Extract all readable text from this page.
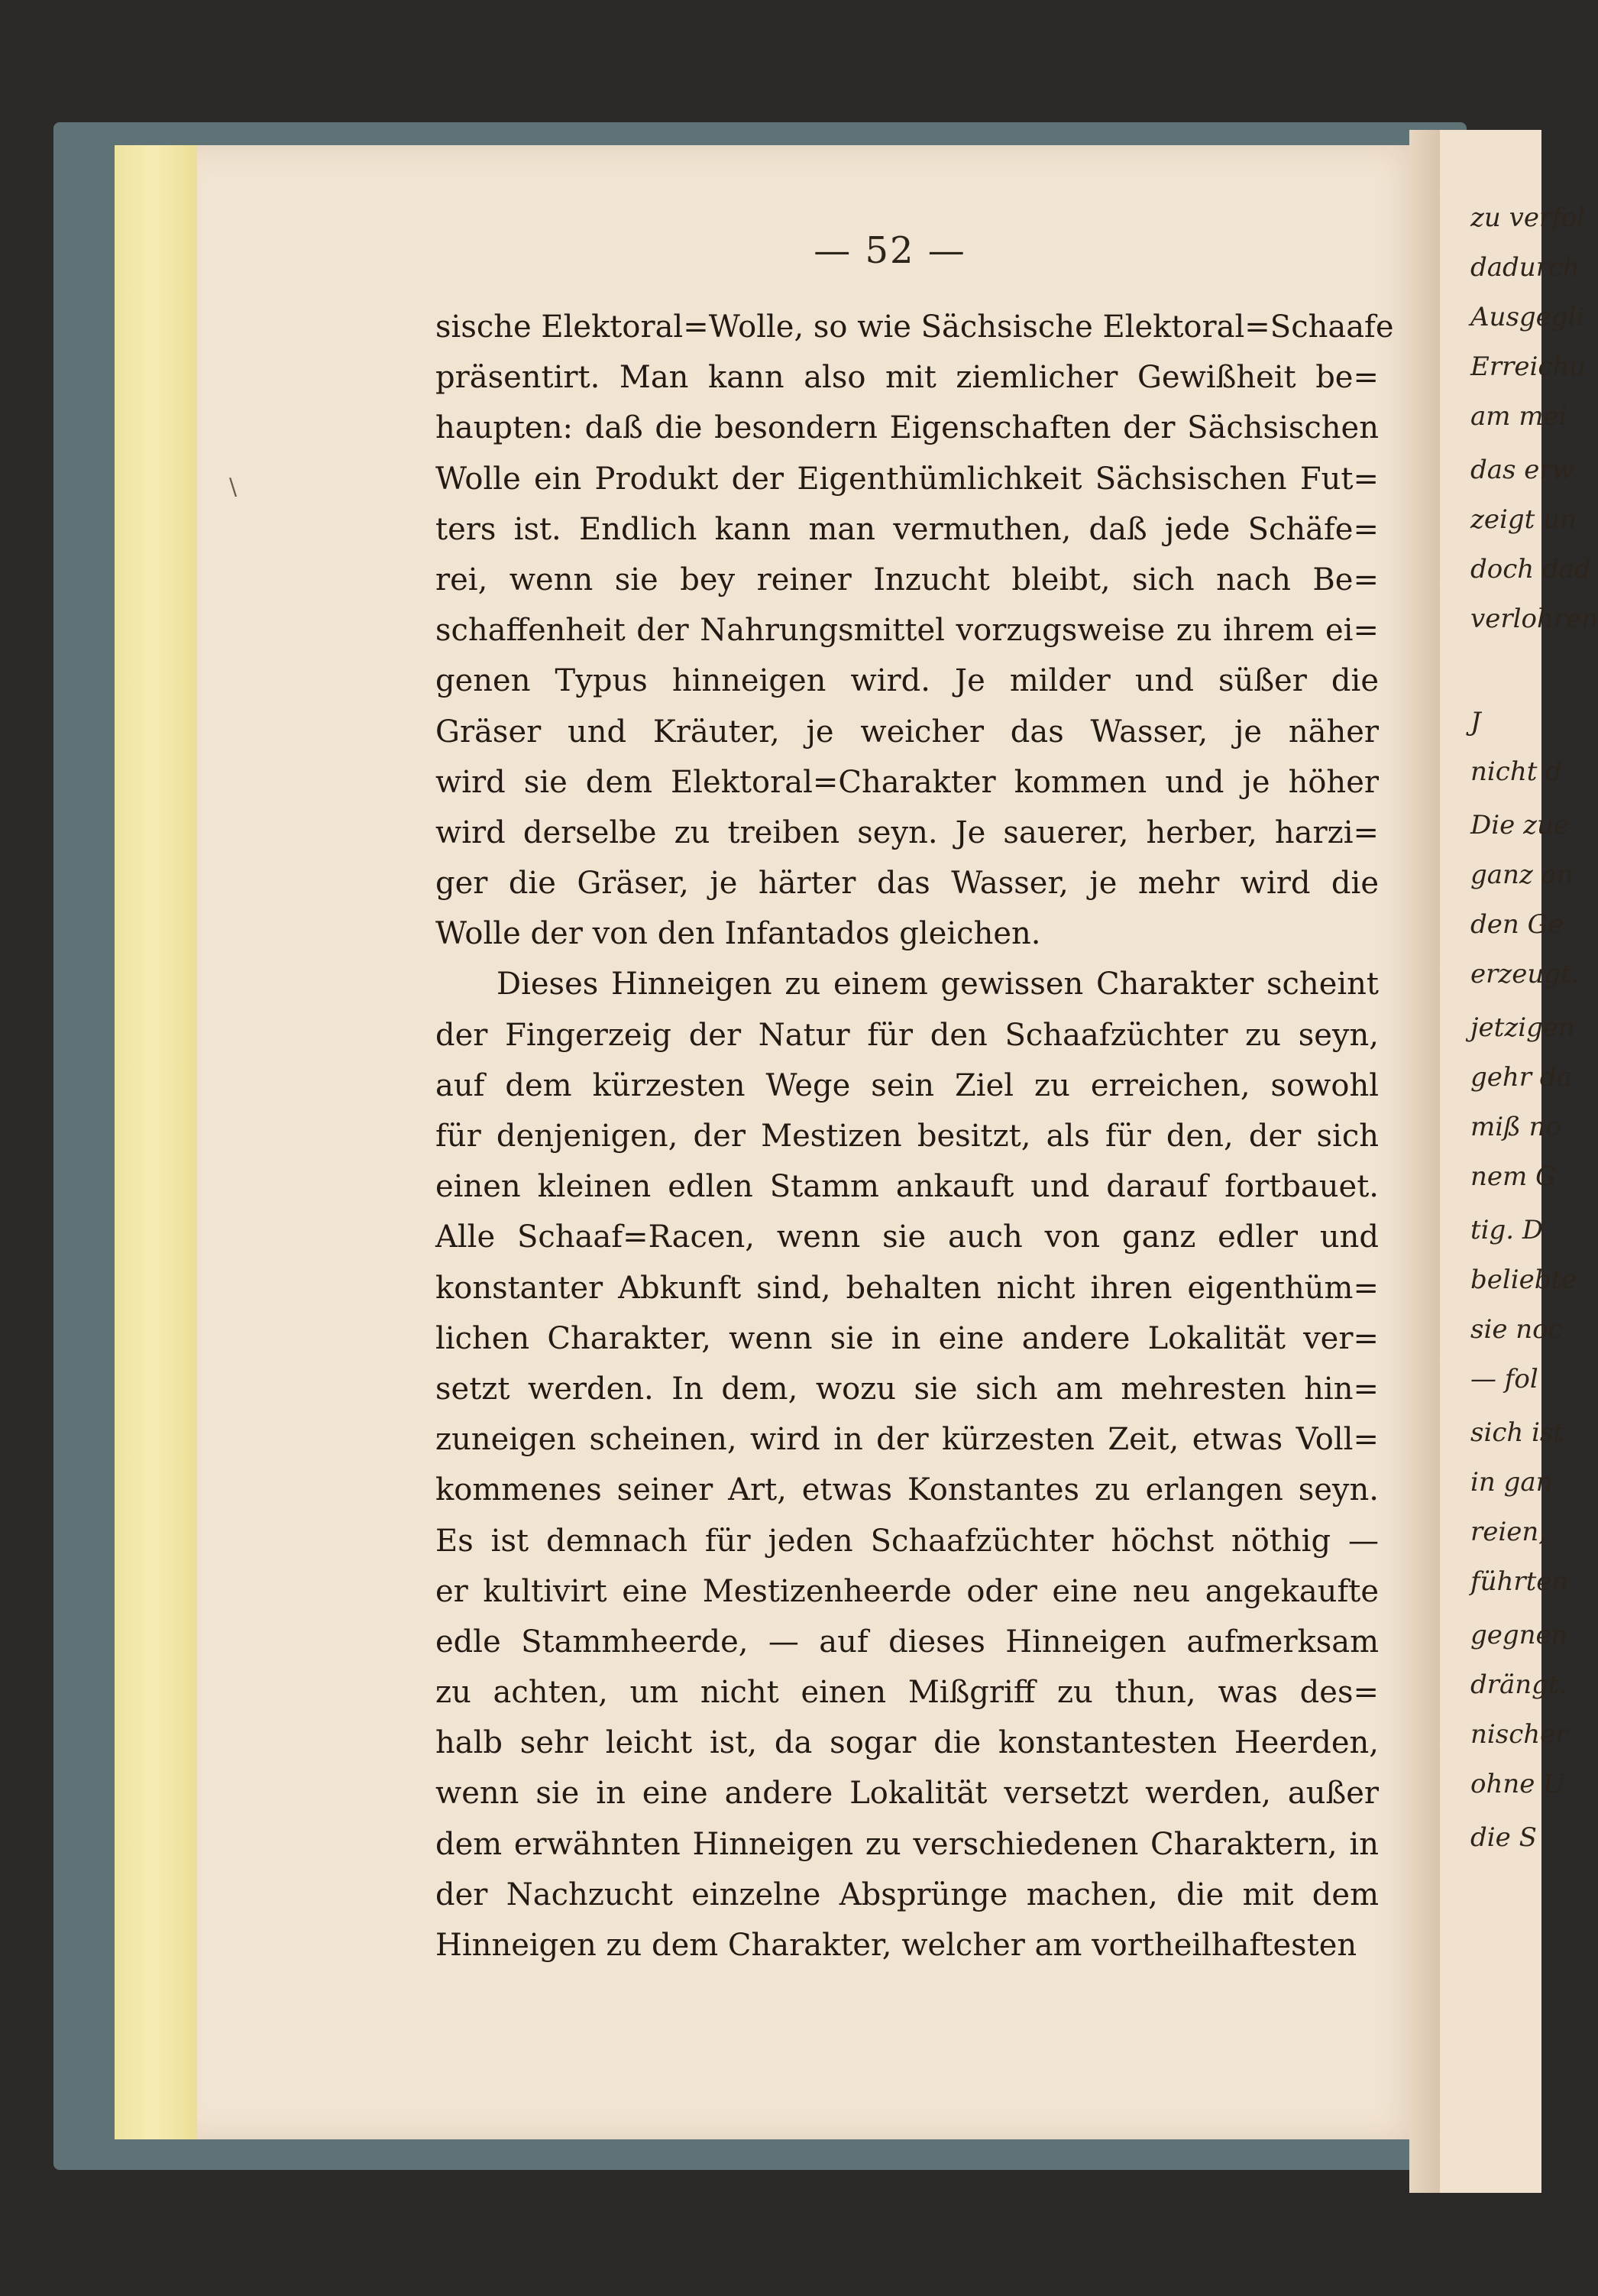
\
— 52 —
sische Elektoral=Wolle, so wie Sächsische Elektoral=Schaafe
präsentirt. Man kann also mit ziemlicher Gewißheit be=
haupten: daß die besondern Eigenschaften der Sächsischen
Wolle ein Produkt der Eigenthümlichkeit Sächsischen Fut=
ters ist. Endlich kann man vermuthen, daß jede Schäfe=
rei, wenn sie bey reiner Inzucht bleibt, sich nach Be=
schaffenheit der Nahrungsmittel vorzugsweise zu ihrem ei=
genen Typus hinneigen wird. Je milder und süßer die
Gräser und Kräuter, je weicher das Wasser, je näher
wird sie dem Elektoral=Charakter kommen und je höher
wird derselbe zu treiben seyn. Je sauerer, herber, harzi=
ger die Gräser, je härter das Wasser, je mehr wird die
Wolle der von den Infantados gleichen.
Dieses Hinneigen zu einem gewissen Charakter scheint
der Fingerzeig der Natur für den Schaafzüchter zu seyn,
auf dem kürzesten Wege sein Ziel zu erreichen, sowohl
für denjenigen, der Mestizen besitzt, als für den, der sich
einen kleinen edlen Stamm ankauft und darauf fortbauet.
Alle Schaaf=Racen, wenn sie auch von ganz edler und
konstanter Abkunft sind, behalten nicht ihren eigenthüm=
lichen Charakter, wenn sie in eine andere Lokalität ver=
setzt werden. In dem, wozu sie sich am mehresten hin=
zuneigen scheinen, wird in der kürzesten Zeit, etwas Voll=
kommenes seiner Art, etwas Konstantes zu erlangen seyn.
Es ist demnach für jeden Schaafzüchter höchst nöthig —
er kultivirt eine Mestizenheerde oder eine neu angekaufte
edle Stammheerde, — auf dieses Hinneigen aufmerksam
zu achten, um nicht einen Mißgriff zu thun, was des=
halb sehr leicht ist, da sogar die konstantesten Heerden,
wenn sie in eine andere Lokalität versetzt werden, außer
dem erwähnten Hinneigen zu verschiedenen Charaktern, in
der Nachzucht einzelne Absprünge machen, die mit dem
Hinneigen zu dem Charakter, welcher am vortheilhaftesten
zu verfol
dadurch
Ausgegli
Erreichu
am mei
das erw
zeigt un
doch dad
verlohren
J
nicht d
Die zue
ganz an
den Ge
erzeugt.
jetzigen
gehr da
miß no
nem G
tig. D
beliebte
sie noc
— fol
sich ist
in gan
reien,
führten
gegnen
drängt.
nischer
ohne U
die S
